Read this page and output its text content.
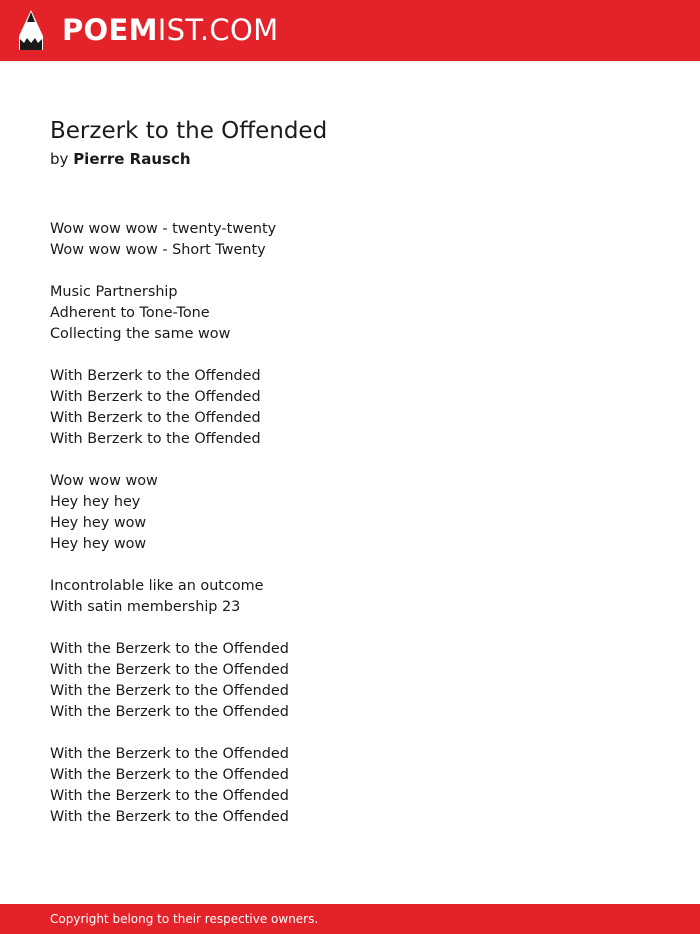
POEMIST.COM
Berzerk to the Offended
by Pierre Rausch
Wow wow wow - twenty-twenty
Wow wow wow - Short Twenty
Music Partnership
Adherent to Tone-Tone
Collecting the same wow
With Berzerk to the Offended
With Berzerk to the Offended
With Berzerk to the Offended
With Berzerk to the Offended
Wow wow wow
Hey hey hey
Hey hey wow
Hey hey wow
Incontrolable like an outcome
With satin membership 23
With the Berzerk to the Offended
With the Berzerk to the Offended
With the Berzerk to the Offended
With the Berzerk to the Offended
With the Berzerk to the Offended
With the Berzerk to the Offended
With the Berzerk to the Offended
With the Berzerk to the Offended
Copyright belong to their respective owners.
